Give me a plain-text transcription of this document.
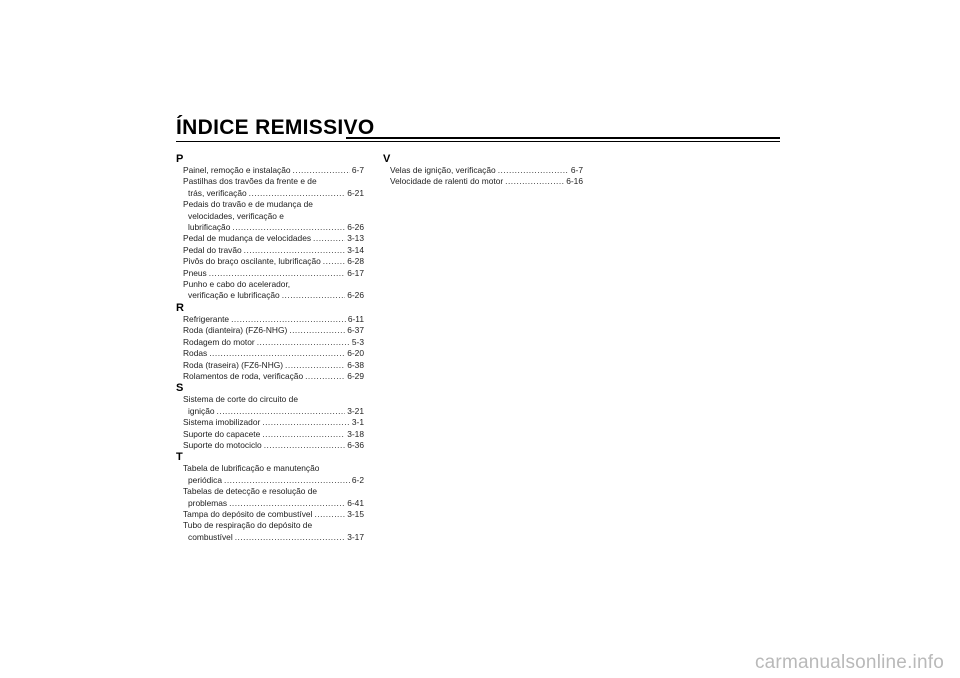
ÍNDICE REMISSIVO
P
Painel, remoção e instalação .....	6-7
Pastilhas dos travões da frente e de
trás, verificação .....	6-21
Pedais do travão e de mudança de
velocidades, verificação e
lubrificação .....	6-26
Pedal de mudança de velocidades .....	3-13
Pedal do travão .....	3-14
Pivôs do braço oscilante, lubrificação .....	6-28
Pneus .....	6-17
Punho e cabo do acelerador,
verificação e lubrificação .....	6-26
R
Refrigerante .....	6-11
Roda (dianteira) (FZ6-NHG) .....	6-37
Rodagem do motor .....	5-3
Rodas .....	6-20
Roda (traseira) (FZ6-NHG) .....	6-38
Rolamentos de roda, verificação .....	6-29
S
Sistema de corte do circuito de
ignição .....	3-21
Sistema imobilizador .....	3-1
Suporte do capacete .....	3-18
Suporte do motociclo .....	6-36
T
Tabela de lubrificação e manutenção
periódica .....	6-2
Tabelas de detecção e resolução de
problemas .....	6-41
Tampa do depósito de combustível .....	3-15
Tubo de respiração do depósito de
combustível .....	3-17
V
Velas de ignição, verificação .....	6-7
Velocidade de ralenti do motor .....	6-16
carmanualsonline.info
